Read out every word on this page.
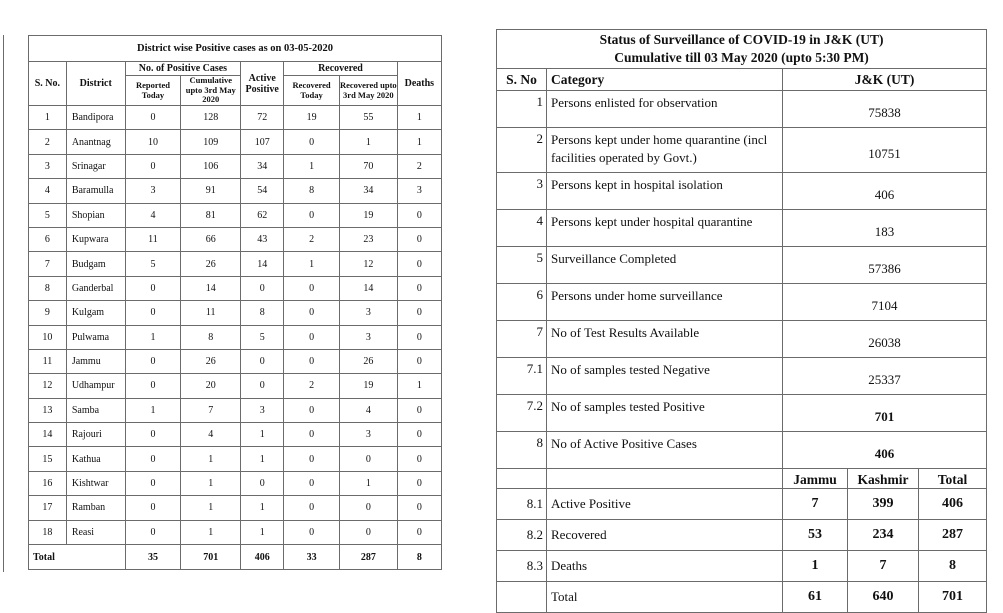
District wise Positive cases as on 03-05-2020							
S. No.	District	No. of Positive Cases		Active Positive	Recovered		Deaths
		Reported Today	Cumulative upto 3rd May 2020		Recovered Today	Recovered upto 3rd May 2020	
1	Bandipora	0	128	72	19	55	1
2	Anantnag	10	109	107	0	1	1
3	Srinagar	0	106	34	1	70	2
4	Baramulla	3	91	54	8	34	3
5	Shopian	4	81	62	0	19	0
6	Kupwara	11	66	43	2	23	0
7	Budgam	5	26	14	1	12	0
8	Ganderbal	0	14	0	0	14	0
9	Kulgam	0	11	8	0	3	0
10	Pulwama	1	8	5	0	3	0
11	Jammu	0	26	0	0	26	0
12	Udhampur	0	20	0	2	19	1
13	Samba	1	7	3	0	4	0
14	Rajouri	0	4	1	0	3	0
15	Kathua	0	1	1	0	0	0
16	Kishtwar	0	1	0	0	1	0
17	Ramban	0	1	1	0	0	0
18	Reasi	0	1	1	0	0	0
Total		35	701	406	33	287	8
Status of Surveillance of COVID-19 in J&K (UT)
Cumulative till 03 May 2020 (upto 5:30 PM)				

S. No	Category	J&K (UT)		
1	Persons enlisted for observation	75838		
2	Persons kept under home quarantine (incl facilities operated by Govt.)	10751		
3	Persons kept in hospital isolation	406		
4	Persons kept under hospital quarantine	183		
5	Surveillance Completed	57386		
6	Persons under home surveillance	7104		
7	No of Test Results Available	26038		
7.1	No of samples tested Negative	25337		
7.2	No of samples tested Positive	701		
8	No of Active Positive Cases	406		
		Jammu	Kashmir	Total
8.1	Active Positive	7	399	406
8.2	Recovered	53	234	287
8.3	Deaths	1	7	8
	Total	61	640	701
